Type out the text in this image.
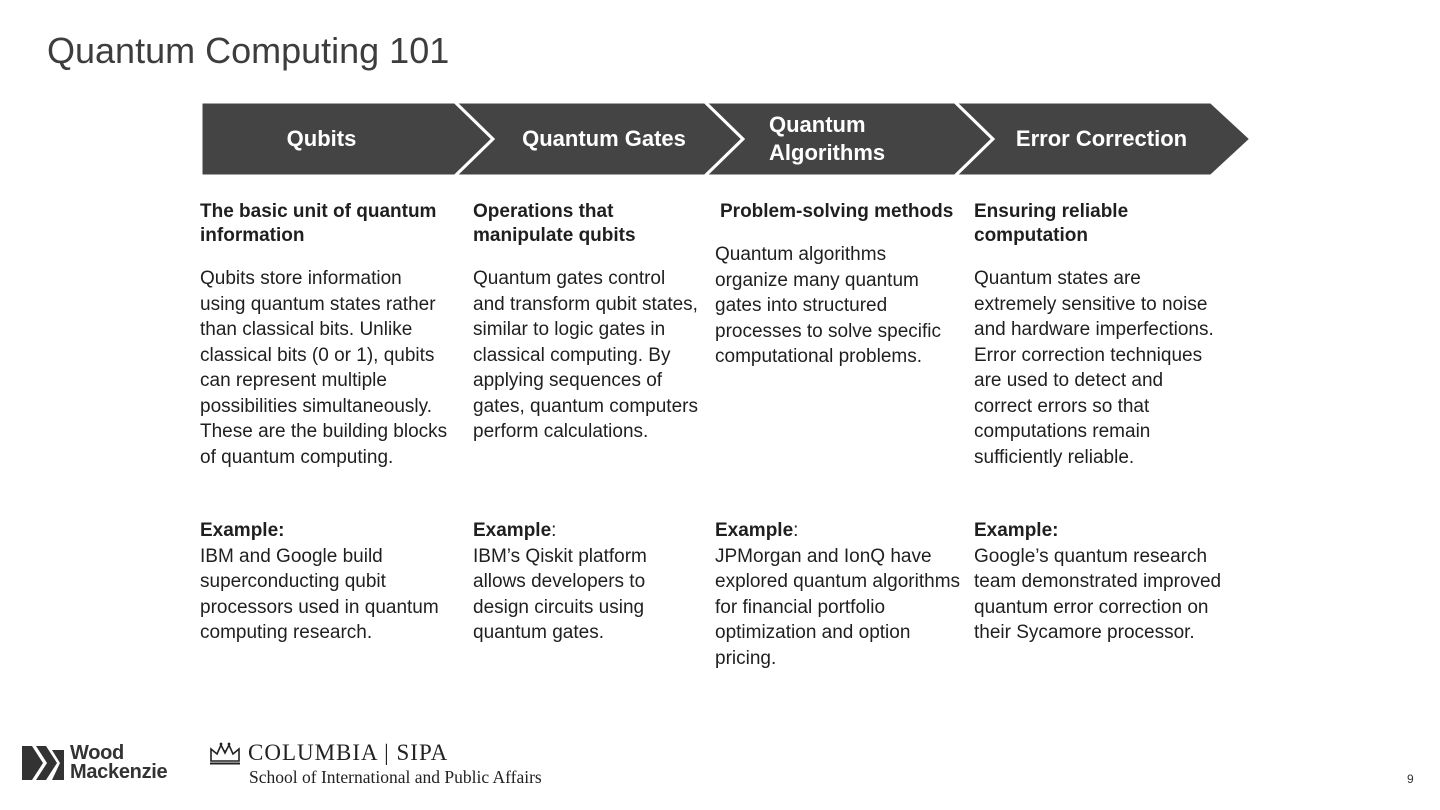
Quantum Computing 101
Qubits	Quantum Gates
Quantum Algorithms
Error Correction
The basic unit of quantum information
Qubits store information using quantum states rather than classical bits. Unlike classical bits (0 or 1), qubits can represent multiple possibilities simultaneously. These are the building blocks of quantum computing.
Example:
IBM and Google build superconducting qubit processors used in quantum computing research.
Operations that manipulate qubits
Quantum gates control and transform qubit states, similar to logic gates in classical computing. By applying sequences of gates, quantum computers perform calculations.
Example:
IBM’s Qiskit platform allows developers to design circuits using quantum gates.
Problem-solving methods
Quantum algorithms organize many quantum gates into structured processes to solve specific computational problems.
Example:
JPMorgan and IonQ have explored quantum algorithms for financial portfolio optimization and option pricing.
Ensuring reliable computation
Quantum states are extremely sensitive to noise and hardware imperfections. Error correction techniques are used to detect and correct errors so that computations remain sufficiently reliable.
Example:
Google’s quantum research team demonstrated improved quantum error correction on their Sycamore processor.
Wood
Mackenzie
COLUMBIA | SIPA
School of International and Public Affairs	9
